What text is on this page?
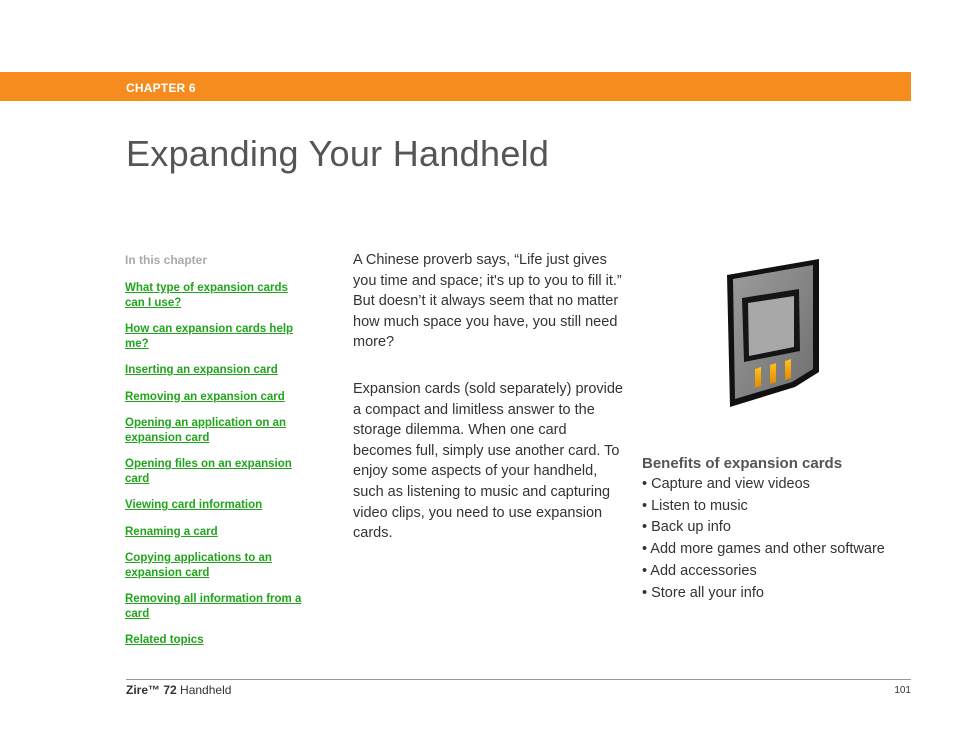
CHAPTER 6
Expanding Your Handheld
In this chapter
What type of expansion cards can I use?
How can expansion cards help me?
Inserting an expansion card
Removing an expansion card
Opening an application on an expansion card
Opening files on an expansion card
Viewing card information
Renaming a card
Copying applications to an expansion card
Removing all information from a card
Related topics

A Chinese proverb says, “Life just gives you time and space; it's up to you to fill it.” But doesn’t it always seem that no matter how much space you have, you still need more?

Expansion cards (sold separately) provide a compact and limitless answer to the storage dilemma. When one card becomes full, simply use another card. To enjoy some aspects of your handheld, such as listening to music and capturing video clips, you need to use expansion cards.

Benefits of expansion cards
• Capture and view videos
• Listen to music
• Back up info
• Add more games and other software
• Add accessories
• Store all your info
Zire™ 72 Handheld	101
